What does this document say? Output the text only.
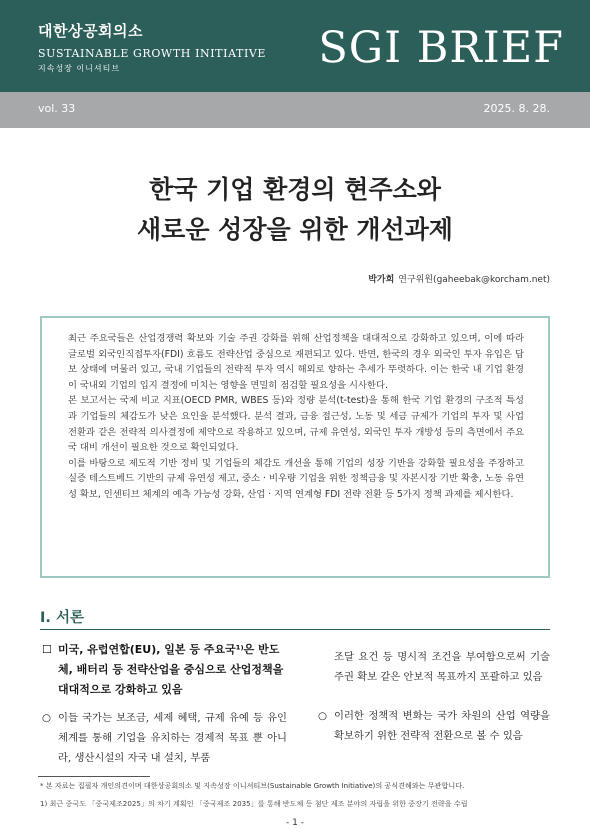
대한상공회의소
SUSTAINABLE GROWTH INITIATIVE
지속성장 이니셔티브	SGI BRIEF
vol. 33	2025. 8. 28.
한국 기업 환경의 현주소와
새로운 성장을 위한 개선과제
박가희 연구위원(gaheebak@korcham.net)

최근 주요국들은 산업경쟁력 확보와 기술 주권 강화를 위해 산업정책을 대대적으로 강화하고 있으며, 이에 따라 글로벌 외국인직접투자(FDI) 흐름도 전략산업 중심으로 재편되고 있다. 반면, 한국의 경우 외국인 투자 유입은 답보 상태에 머물러 있고, 국내 기업들의 전략적 투자 역시 해외로 향하는 추세가 뚜렷하다. 이는 한국 내 기업 환경이 국내외 기업의 입지 결정에 미치는 영향을 면밀히 점검할 필요성을 시사한다.

본 보고서는 국제 비교 지표(OECD PMR, WBES 등)와 정량 분석(t-test)을 통해 한국 기업 환경의 구조적 특성과 기업들의 체감도가 낮은 요인을 분석했다. 분석 결과, 금융 접근성, 노동 및 세금 규제가 기업의 투자 및 사업 전환과 같은 전략적 의사결정에 제약으로 작용하고 있으며, 규제 유연성, 외국인 투자 개방성 등의 측면에서 주요국 대비 개선이 필요한 것으로 확인되었다.

이를 바탕으로 제도적 기반 정비 및 기업들의 체감도 개선을 통해 기업의 성장 기반을 강화할 필요성을 주장하고 실증 테스트베드 기반의 규제 유연성 제고, 중소 · 비우량 기업을 위한 정책금융 및 자본시장 기반 확충, 노동 유연성 확보, 인센티브 체계의 예측 가능성 강화, 산업 · 지역 연계형 FDI 전략 전환 등 5가지 정책 과제를 제시한다.

Ⅰ. 서론
☐ 미국, 유럽연합(EU), 일본 등 주요국¹⁾은 반도체, 배터리 등 전략산업을 중심으로 산업정책을 대대적으로 강화하고 있음
○ 이들 국가는 보조금, 세제 혜택, 규제 유예 등 유인체계를 통해 기업을 유치하는 경제적 목표 뿐 아니라, 생산시설의 자국 내 설치, 부품
조달 요건 등 명시적 조건을 부여함으로써 기술 주권 확보 같은 안보적 목표까지 포괄하고 있음
○ 이러한 정책적 변화는 국가 차원의 산업 역량을 확보하기 위한 전략적 전환으로 볼 수 있음
* 본 자료는 집필자 개인의견이며 대한상공회의소 및 지속성장 이니셔티브(Sustainable Growth Initiative)의 공식견해와는 무관합니다.
1) 최근 중국도 「중국제조2025」의 차기 계획인 「중국제조 2035」를 통해 반도체 등 첨단 제조 분야의 자립을 위한 중장기 전략을 수립
- 1 -
